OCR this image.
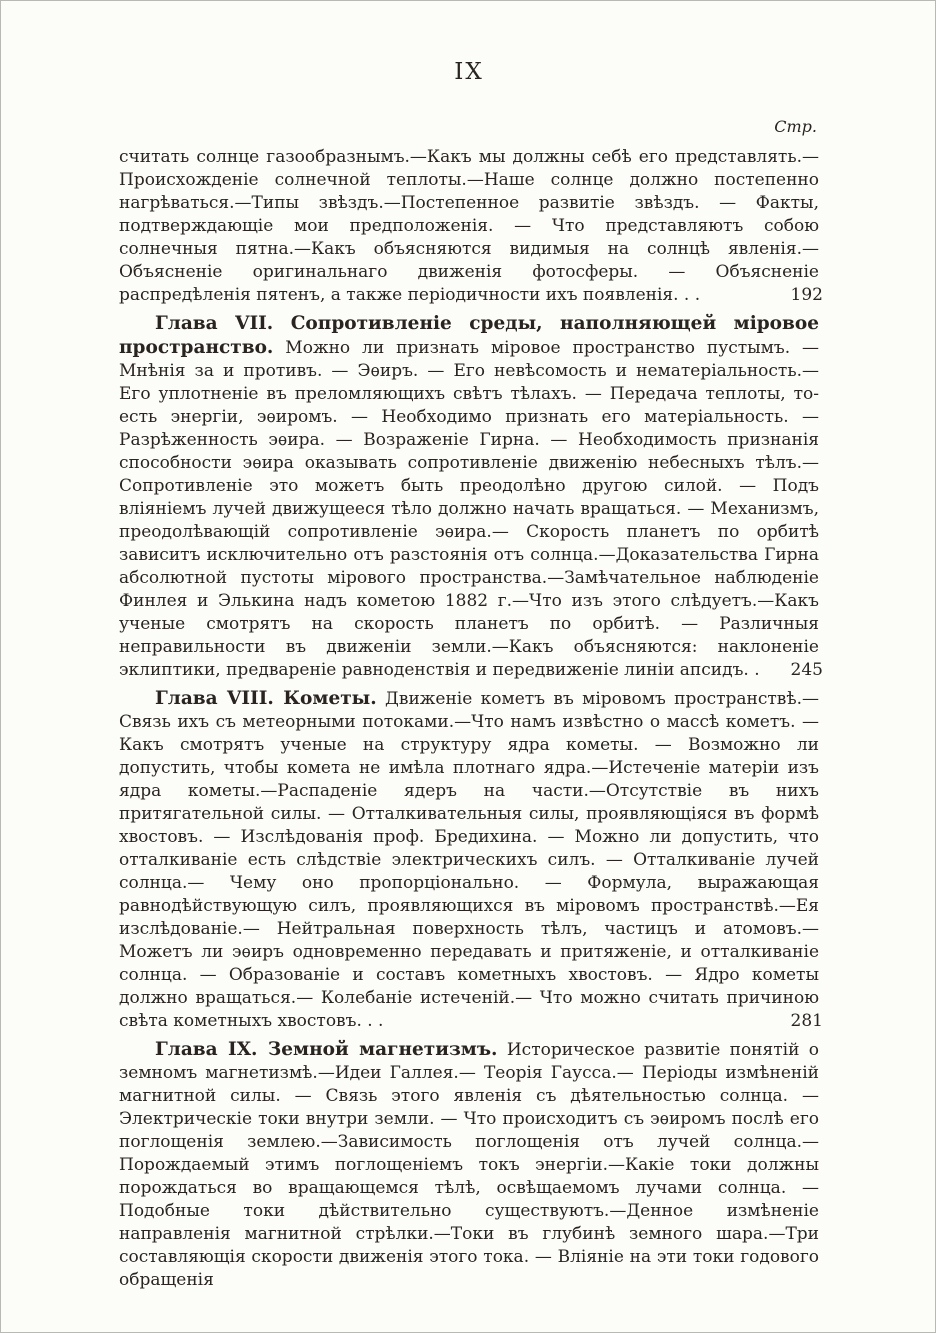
IX
Стр.

считать солнце газообразнымъ.—Какъ мы должны себѣ его представлять.— Происхожденіе солнечной теплоты.—Наше солнце должно постепенно нагрѣваться.—Типы звѣздъ.—Постепенное развитіе звѣздъ. — Факты, подтверждающіе мои предположенія. — Что представляютъ собою солнечныя пятна.—Какъ объясняются видимыя на солнцѣ явленія.—Объясненіе оригинальнаго движенія фотосферы. — Объясненіе распредѣленія пятенъ, а также періодичности ихъ появленія. . .	192

Глава VII. Сопротивленіе среды, наполняющей міровое пространство. Можно ли признать міровое пространство пустымъ. — Мнѣнія за и противъ. — Эѳиръ. — Его невѣсомость и нематеріальность.— Его уплотненіе въ преломляющихъ свѣтъ тѣлахъ. — Передача теплоты, то-есть энергіи, эѳиромъ. — Необходимо признать его матеріальность. — Разрѣженность эѳира. — Возраженіе Гирна. — Необходимость признанія способности эѳира оказывать сопротивленіе движенію небесныхъ тѣлъ.— Сопротивленіе это можетъ быть преодолѣно другою силой. — Подъ вліяніемъ лучей движущееся тѣло должно начать вращаться. — Механизмъ, преодолѣвающій сопротивленіе эѳира.— Скорость планетъ по орбитѣ зависитъ исключительно отъ разстоянія отъ солнца.—Доказательства Гирна абсолютной пустоты мірового пространства.—Замѣчательное наблюденіе Финлея и Элькина надъ кометою 1882 г.—Что изъ этого слѣдуетъ.—Какъ ученые смотрятъ на скорость планетъ по орбитѣ. — Различныя неправильности въ движеніи земли.—Какъ объясняются: наклоненіе эклиптики, предвареніе равноденствія и передвиженіе линіи апсидъ. .	245

Глава VIII. Кометы. Движеніе кометъ въ міровомъ пространствѣ.—Связь ихъ съ метеорными потоками.—Что намъ извѣстно о массѣ кометъ. — Какъ смотрятъ ученые на структуру ядра кометы. — Возможно ли допустить, чтобы комета не имѣла плотнаго ядра.—Истеченіе матеріи изъ ядра кометы.—Распаденіе ядеръ на части.—Отсутствіе въ нихъ притягательной силы. — Отталкивательныя силы, проявляющіяся въ формѣ хвостовъ. — Изслѣдованія проф. Бредихина. — Можно ли допустить, что отталкиваніе есть слѣдствіе электрическихъ силъ. — Отталкиваніе лучей солнца.— Чему оно пропорціонально. — Формула, выражающая равнодѣйствующую силъ, проявляющихся въ міровомъ пространствѣ.—Ея изслѣдованіе.— Нейтральная поверхность тѣлъ, частицъ и атомовъ.— Можетъ ли эѳиръ одновременно передавать и притяженіе, и отталкиваніе солнца. — Образованіе и составъ кометныхъ хвостовъ. — Ядро кометы должно вращаться.— Колебаніе истеченій.— Что можно считать причиною свѣта кометныхъ хвостовъ. . .	281

Глава IX. Земной магнетизмъ. Историческое развитіе понятій о земномъ магнетизмѣ.—Идеи Галлея.— Теорія Гаусса.— Періоды измѣненій магнитной силы. — Связь этого явленія съ дѣятельностью солнца. — Электрическіе токи внутри земли. — Что происходитъ съ эѳиромъ послѣ его поглощенія землею.—Зависимость поглощенія отъ лучей солнца.—Порождаемый этимъ поглощеніемъ токъ энергіи.—Какіе токи должны порождаться во вращающемся тѣлѣ, освѣщаемомъ лучами солнца. — Подобные токи дѣйствительно существуютъ.—Денное измѣненіе направленія магнитной стрѣлки.—Токи въ глубинѣ земного шара.—Три составляющія скорости движенія этого тока. — Вліяніе на эти токи годового обращенія
